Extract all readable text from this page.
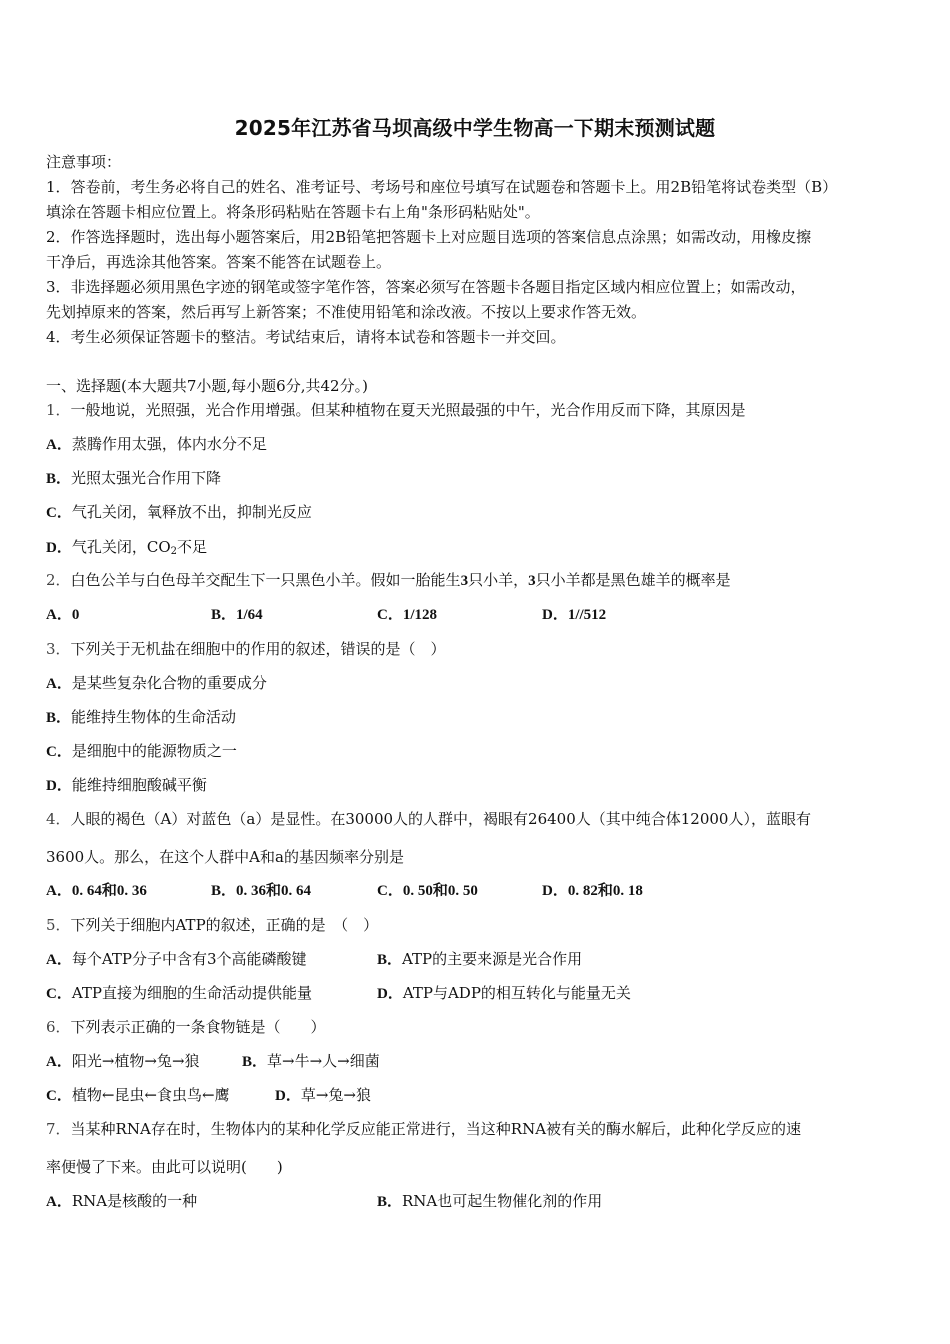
2025年江苏省马坝高级中学生物高一下期末预测试题

注意事项：

1．答卷前，考生务必将自己的姓名、准考证号、考场号和座位号填写在试题卷和答题卡上。用2B铅笔将试卷类型（B）

填涂在答题卡相应位置上。将条形码粘贴在答题卡右上角"条形码粘贴处"。

2．作答选择题时，选出每小题答案后，用2B铅笔把答题卡上对应题目选项的答案信息点涂黑；如需改动，用橡皮擦

干净后，再选涂其他答案。答案不能答在试题卷上。

3．非选择题必须用黑色字迹的钢笔或签字笔作答，答案必须写在答题卡各题目指定区域内相应位置上；如需改动，

先划掉原来的答案，然后再写上新答案；不准使用铅笔和涂改液。不按以上要求作答无效。

4．考生必须保证答题卡的整洁。考试结束后，请将本试卷和答题卡一并交回。

一、选择题(本大题共7小题,每小题6分,共42分。)
1．一般地说，光照强，光合作用增强。但某种植物在夏天光照最强的中午，光合作用反而下降，其原因是
A．蒸腾作用太强，体内水分不足
B．光照太强光合作用下降
C．气孔关闭，氧释放不出，抑制光反应
D．气孔关闭，$CO_2$不足
2．白色公羊与白色母羊交配生下一只黑色小羊。假如一胎能生3只小羊，3只小羊都是黑色雄羊的概率是
A．0	B．1/64	C．1/128	D．1//512
3．下列关于无机盐在细胞中的作用的叙述，错误的是（　）
A．是某些复杂化合物的重要成分
B．能维持生物体的生命活动
C．是细胞中的能源物质之一
D．能维持细胞酸碱平衡
4．人眼的褐色（A）对蓝色（a）是显性。在30000人的人群中，褐眼有26400人（其中纯合体12000人），蓝眼有
3600人。那么，在这个人群中A和a的基因频率分别是
A．0. 64和0. 36	B．0. 36和0. 64	C．0. 50和0. 50	D．0. 82和0. 18
5．下列关于细胞内ATP的叙述，正确的是　（　）
A．每个ATP分子中含有3个高能磷酸键	B．ATP的主要来源是光合作用
C．ATP直接为细胞的生命活动提供能量	D．ATP与ADP的相互转化与能量无关
6．下列表示正确的一条食物链是（　　）
A．阳光→植物→兔→狼	B．草→牛→人→细菌
C．植物←昆虫←食虫鸟←鹰	D．草→兔→狼
7．当某种RNA存在时，生物体内的某种化学反应能正常进行，当这种RNA被有关的酶水解后，此种化学反应的速
率便慢了下来。由此可以说明(　　)
A．RNA是核酸的一种	B．RNA也可起生物催化剂的作用
